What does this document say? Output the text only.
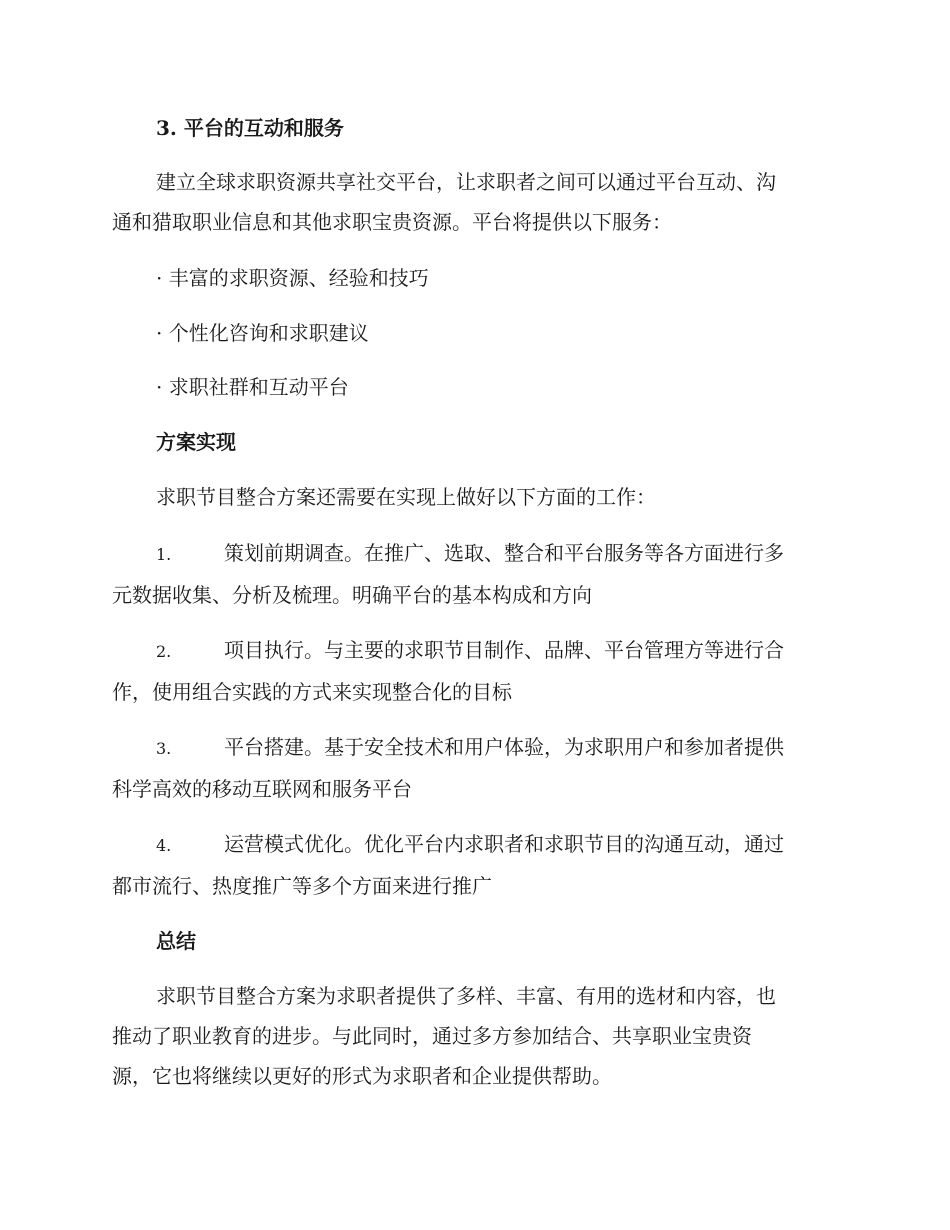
3. 平台的互动和服务
建立全球求职资源共享社交平台，让求职者之间可以通过平台互动、沟
通和猎取职业信息和其他求职宝贵资源。平台将提供以下服务：
· 丰富的求职资源、经验和技巧
· 个性化咨询和求职建议
· 求职社群和互动平台
方案实现
求职节目整合方案还需要在实现上做好以下方面的工作：
1.	策划前期调查。在推广、选取、整合和平台服务等各方面进行多
元数据收集、分析及梳理。明确平台的基本构成和方向
2.	项目执行。与主要的求职节目制作、品牌、平台管理方等进行合
作，使用组合实践的方式来实现整合化的目标
3.	平台搭建。基于安全技术和用户体验，为求职用户和参加者提供
科学高效的移动互联网和服务平台
4.	运营模式优化。优化平台内求职者和求职节目的沟通互动，通过
都市流行、热度推广等多个方面来进行推广
总结
求职节目整合方案为求职者提供了多样、丰富、有用的选材和内容，也
推动了职业教育的进步。与此同时，通过多方参加结合、共享职业宝贵资
源，它也将继续以更好的形式为求职者和企业提供帮助。
